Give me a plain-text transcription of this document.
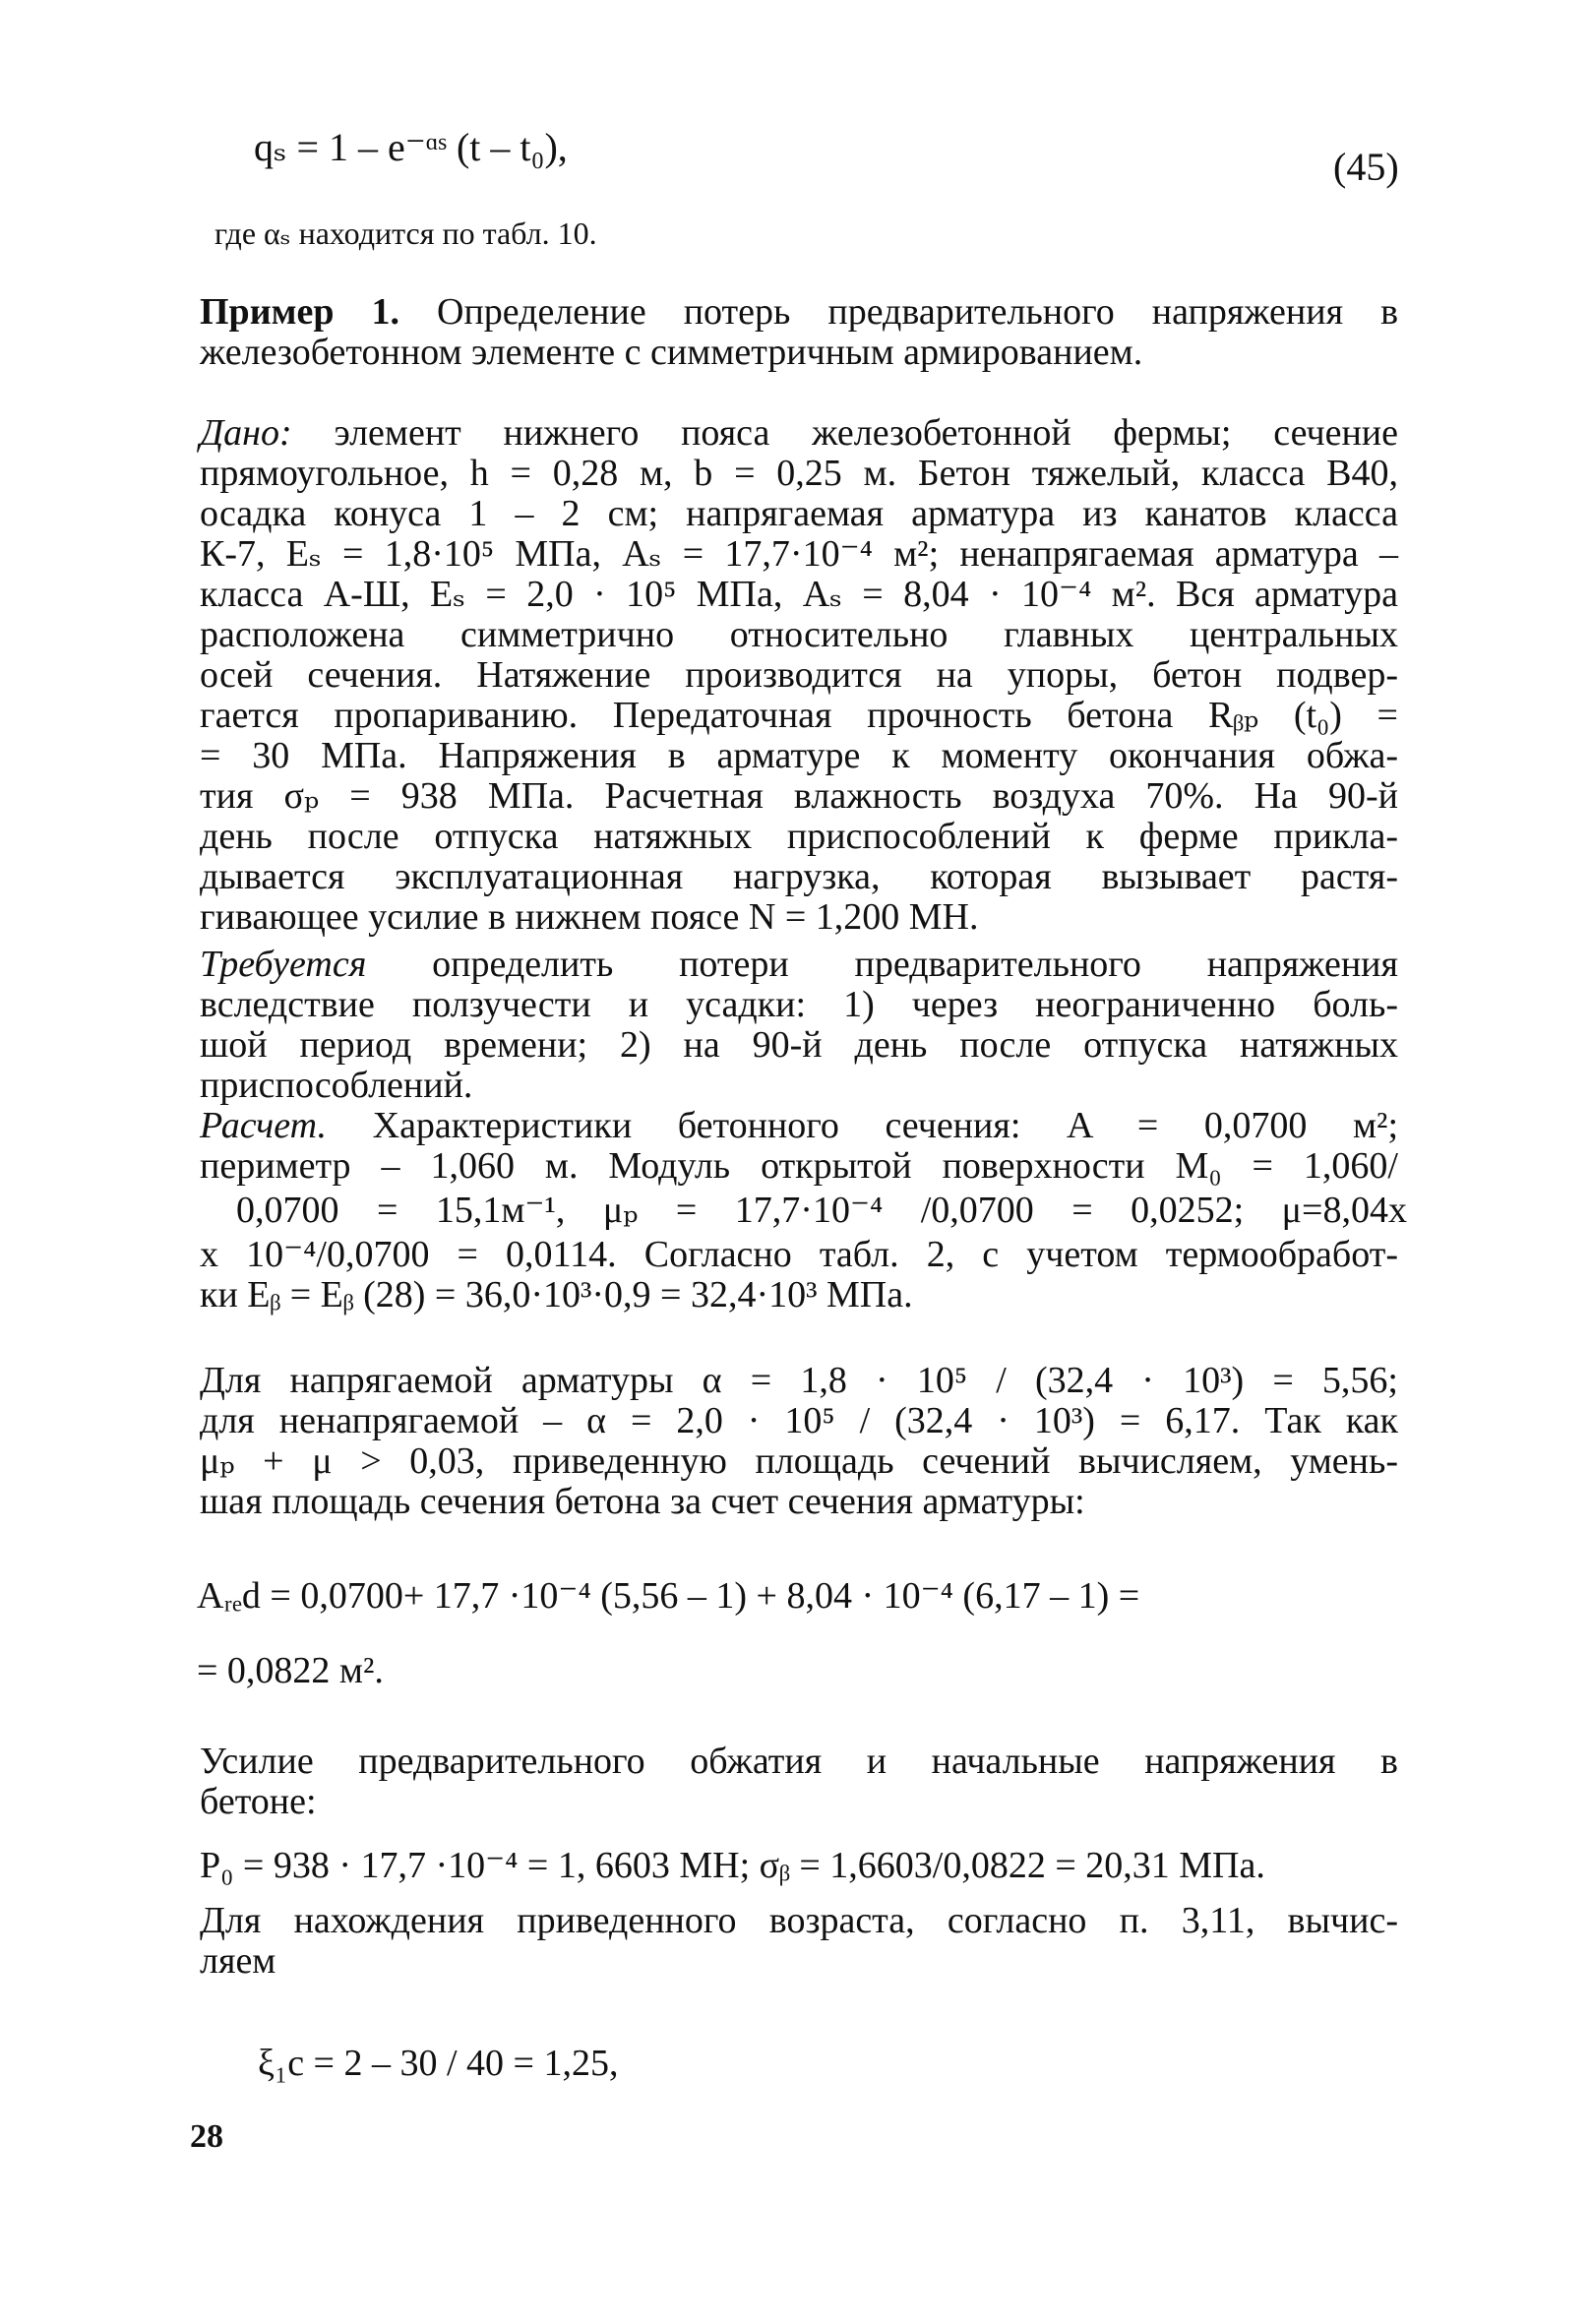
qₛ = 1 – e⁻ᵅˢ (t – t₀),	(45)
где αₛ находится по табл. 10.
Пример 1. Определение потерь предварительного напряжения в
железобетонном элементе с симметричным армированием.
Дано: элемент нижнего пояса железобетонной фермы; сечение
прямоугольное, h = 0,28 м, b = 0,25 м. Бетон тяжелый, класса В40,
осадка конуса 1 – 2 см; напрягаемая арматура из канатов класса
К-7, Eₛ = 1,8·10⁵ МПа, Aₛ = 17,7·10⁻⁴ м²; ненапрягаемая арматура –
класса А-Ш, Eₛ = 2,0 · 10⁵ МПа, Aₛ = 8,04 · 10⁻⁴ м². Вся арматура
расположена симметрично относительно главных центральных
осей сечения. Натяжение производится на упоры, бетон подвер-
гается пропариванию. Передаточная прочность бетона Rᵦₚ (t₀) =
= 30 МПа. Напряжения в арматуре к моменту окончания обжа-
тия σₚ = 938 МПа. Расчетная влажность воздуха 70%. На 90-й
день после отпуска натяжных приспособлений к ферме прикла-
дывается эксплуатационная нагрузка, которая вызывает растя-
гивающее усилие в нижнем поясе N = 1,200 МН.
Требуется определить потери предварительного напряжения
вследствие ползучести и усадки: 1) через неограниченно боль-
шой период времени; 2) на 90-й день после отпуска натяжных
приспособлений.
Расчет. Характеристики бетонного сечения: A = 0,0700 м²;
периметр – 1,060 м. Модуль открытой поверхности M₀ = 1,060/
0,0700 = 15,1м⁻¹, μₚ = 17,7·10⁻⁴ /0,0700 = 0,0252; μ=8,04х
х 10⁻⁴/0,0700 = 0,0114. Согласно табл. 2, с учетом термообработ-
ки Eᵦ = Eᵦ (28) = 36,0·10³·0,9 = 32,4·10³ МПа.
Для напрягаемой арматуры α = 1,8 · 10⁵ / (32,4 · 10³) = 5,56;
для ненапрягаемой – α = 2,0 · 10⁵ / (32,4 · 10³) = 6,17. Так как
μₚ + μ > 0,03, приведенную площадь сечений вычисляем, умень-
шая площадь сечения бетона за счет сечения арматуры:
Aᵣₑd = 0,0700+ 17,7 ·10⁻⁴ (5,56 – 1) + 8,04 · 10⁻⁴ (6,17 – 1) =
= 0,0822 м².
Усилие предварительного обжатия и начальные напряжения в
бетоне:
P₀ = 938 · 17,7 ·10⁻⁴ = 1, 6603 МН; σᵦ = 1,6603/0,0822 = 20,31 МПа.
Для нахождения приведенного возраста, согласно п. 3,11, вычис-
ляем
ξ₁c = 2 – 30 / 40 = 1,25,
28
